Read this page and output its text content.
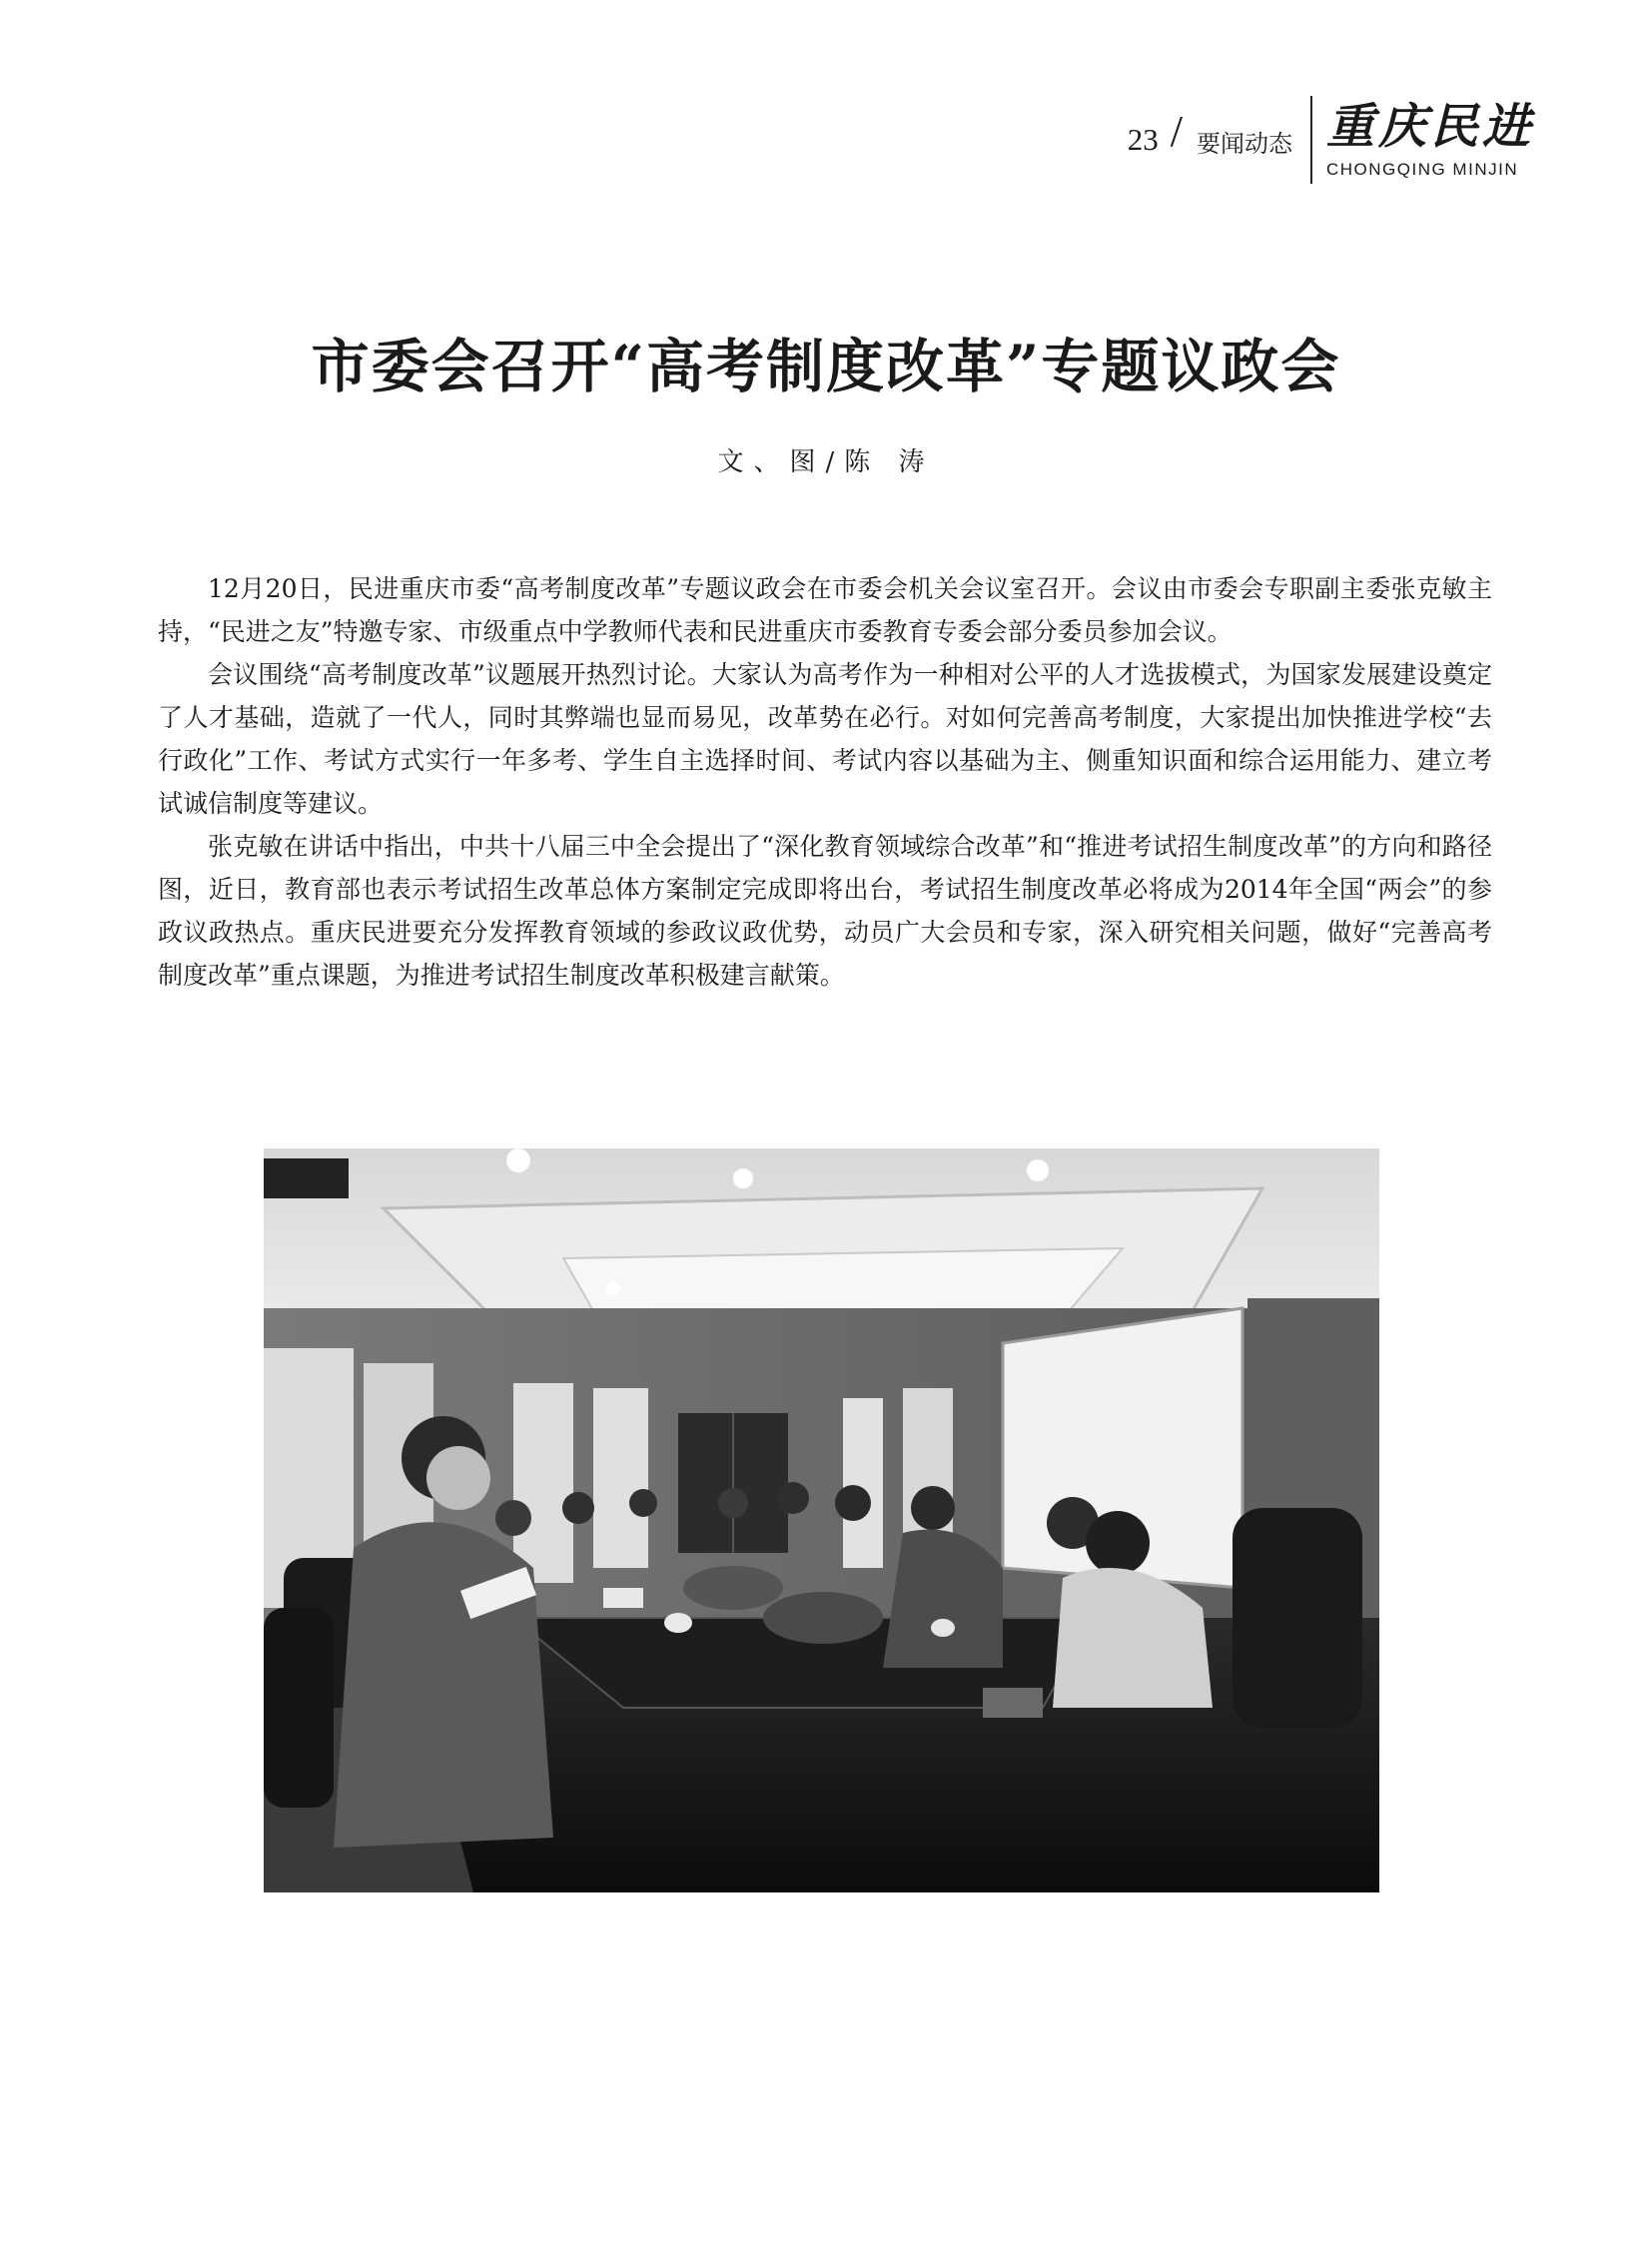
23 / 要闻动态 重庆民进
CHONGQING MINJIN
市委会召开“高考制度改革”专题议政会
文、图/陈 涛

12月20日，民进重庆市委“高考制度改革”专题议政会在市委会机关会议室召开。会议由市委会专职副主委张克敏主持，“民进之友”特邀专家、市级重点中学教师代表和民进重庆市委教育专委会部分委员参加会议。

会议围绕“高考制度改革”议题展开热烈讨论。大家认为高考作为一种相对公平的人才选拔模式，为国家发展建设奠定了人才基础，造就了一代人，同时其弊端也显而易见，改革势在必行。对如何完善高考制度，大家提出加快推进学校“去行政化”工作、考试方式实行一年多考、学生自主选择时间、考试内容以基础为主、侧重知识面和综合运用能力、建立考试诚信制度等建议。

张克敏在讲话中指出，中共十八届三中全会提出了“深化教育领域综合改革”和“推进考试招生制度改革”的方向和路径图，近日，教育部也表示考试招生改革总体方案制定完成即将出台，考试招生制度改革必将成为2014年全国“两会”的参政议政热点。重庆民进要充分发挥教育领域的参政议政优势，动员广大会员和专家，深入研究相关问题，做好“完善高考制度改革”重点课题，为推进考试招生制度改革积极建言献策。
